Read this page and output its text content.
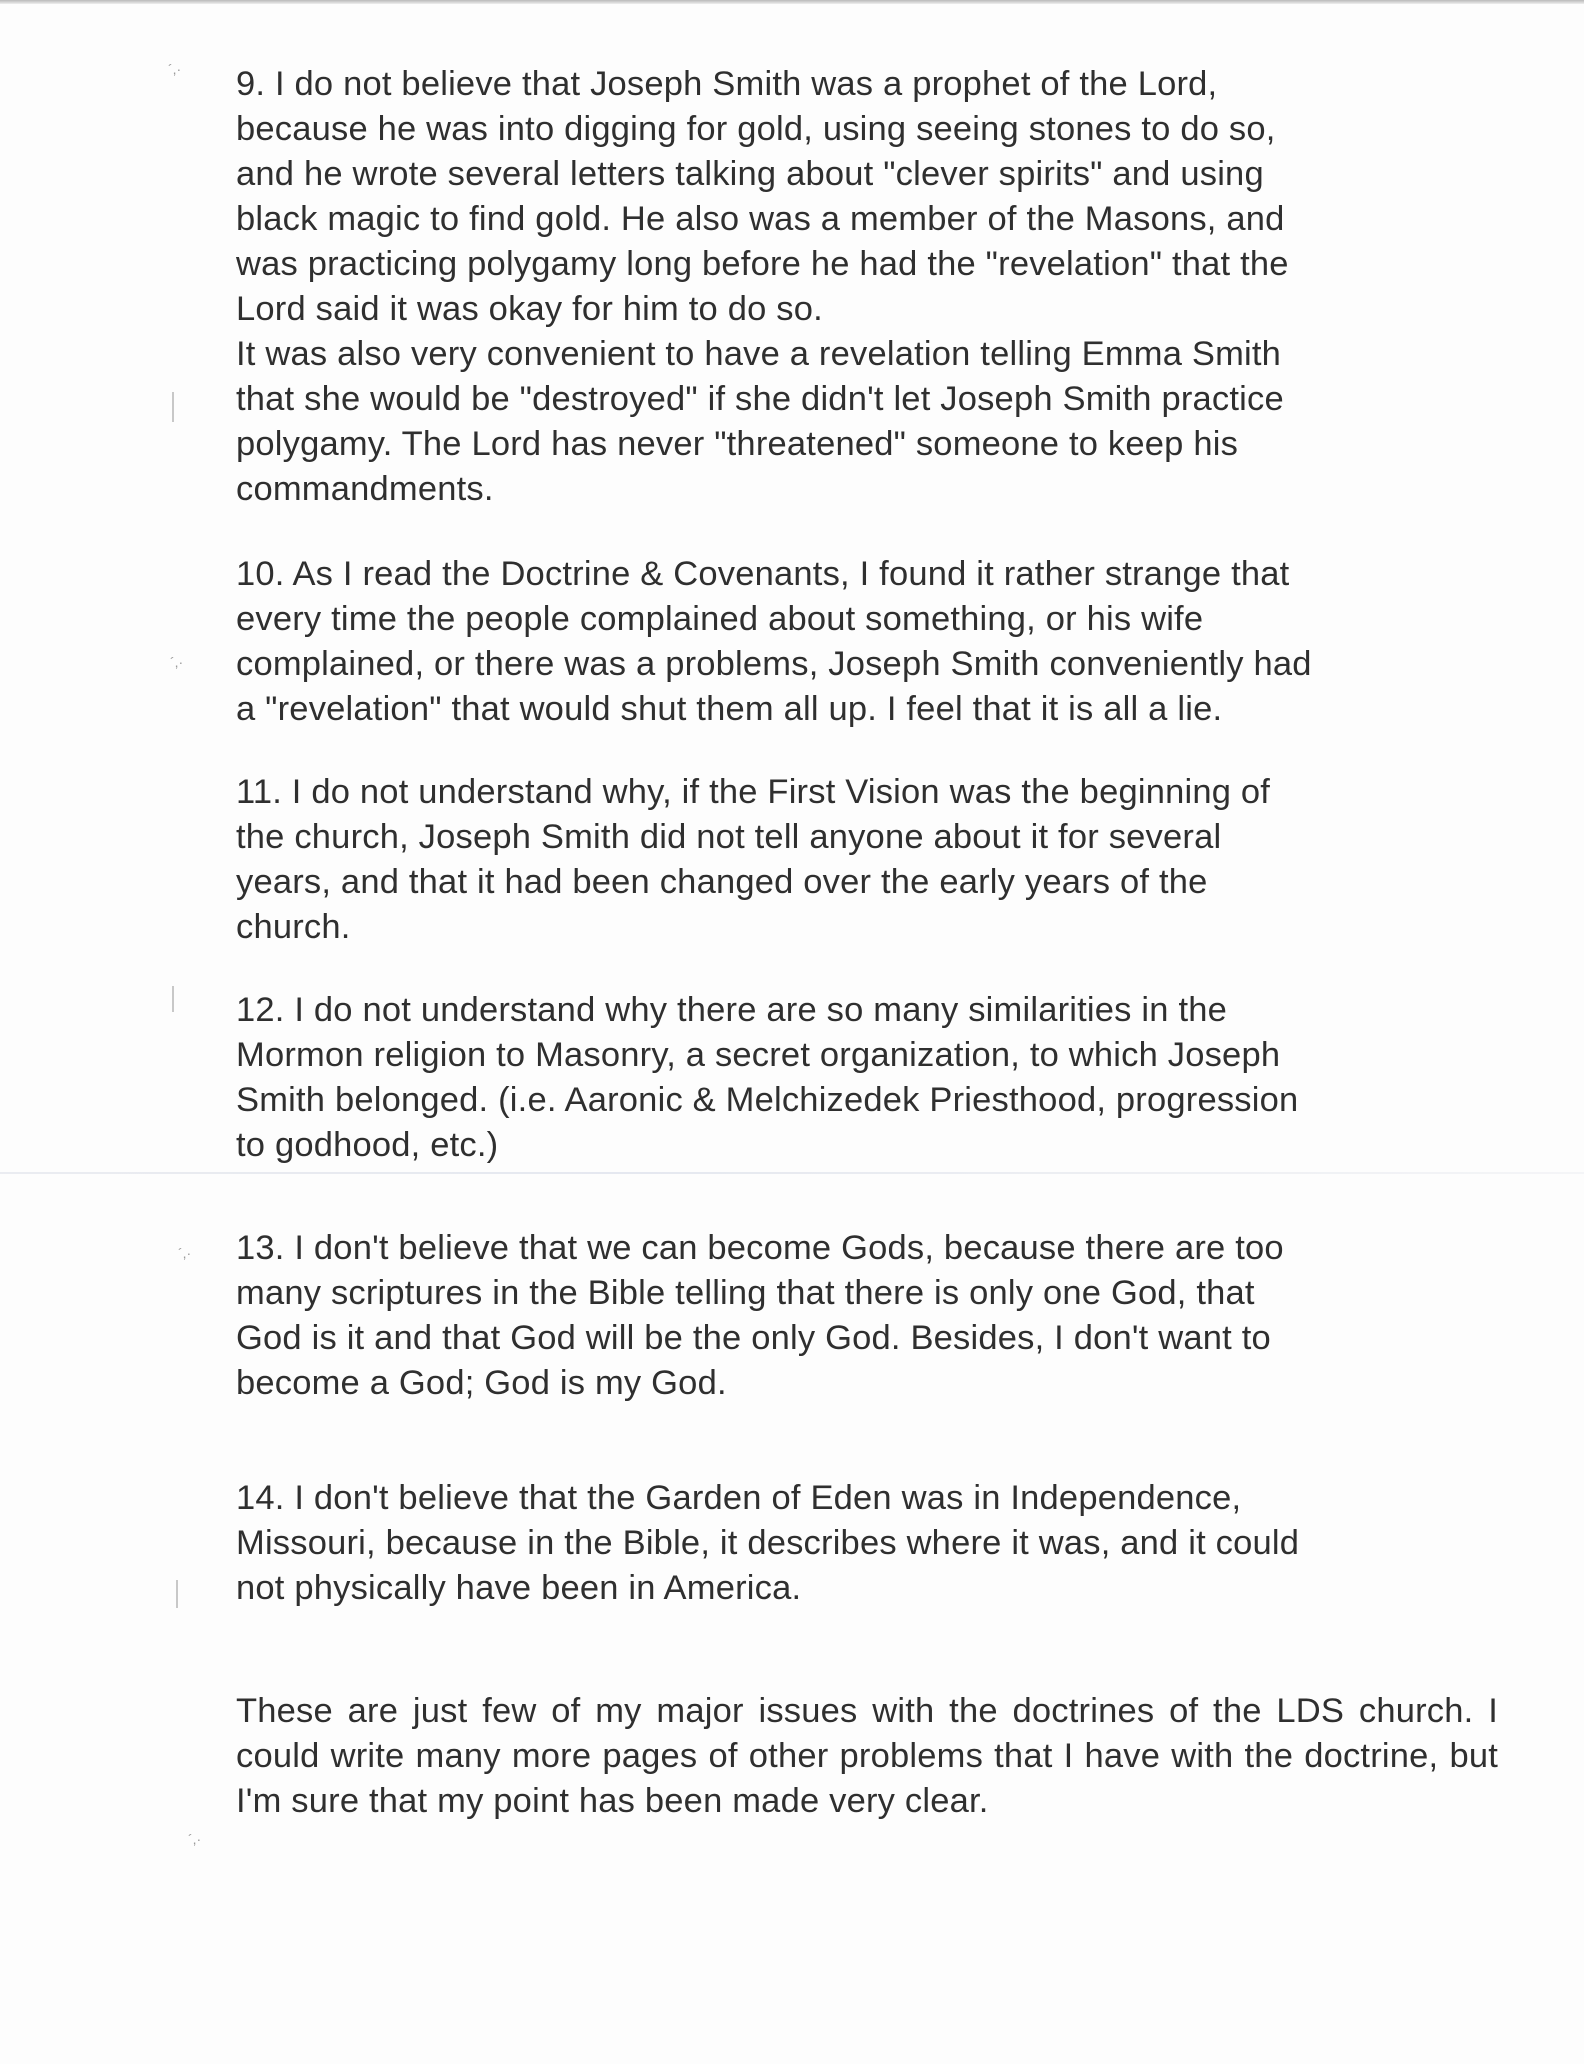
´,·
´,·
´,·
´,·

9. I do not believe that Joseph Smith was a prophet of the Lord,
because he was into digging for gold, using seeing stones to do so,
and he wrote several letters talking about "clever spirits" and using
black magic to find gold. He also was a member of the Masons, and
was practicing polygamy long before he had the "revelation" that the
Lord said it was okay for him to do so.
It was also very convenient to have a revelation telling Emma Smith
that she would be "destroyed" if she didn't let Joseph Smith practice
polygamy. The Lord has never "threatened" someone to keep his
commandments.

10. As I read the Doctrine & Covenants, I found it rather strange that
every time the people complained about something, or his wife
complained, or there was a problems, Joseph Smith conveniently had
a "revelation" that would shut them all up. I feel that it is all a lie.

11. I do not understand why, if the First Vision was the beginning of
the church, Joseph Smith did not tell anyone about it for several
years, and that it had been changed over the early years of the
church.

12. I do not understand why there are so many similarities in the
Mormon religion to Masonry, a secret organization, to which Joseph
Smith belonged. (i.e. Aaronic & Melchizedek Priesthood, progression
to godhood, etc.)

13. I don't believe that we can become Gods, because there are too
many scriptures in the Bible telling that there is only one God, that
God is it and that God will be the only God. Besides, I don't want to
become a God; God is my God.

14. I don't believe that the Garden of Eden was in Independence,
Missouri, because in the Bible, it describes where it was, and it could
not physically have been in America.

These are just few of my major issues with the doctrines of the LDS church. I could write many more pages of other problems that I have with the doctrine, but I'm sure that my point has been made very clear.
